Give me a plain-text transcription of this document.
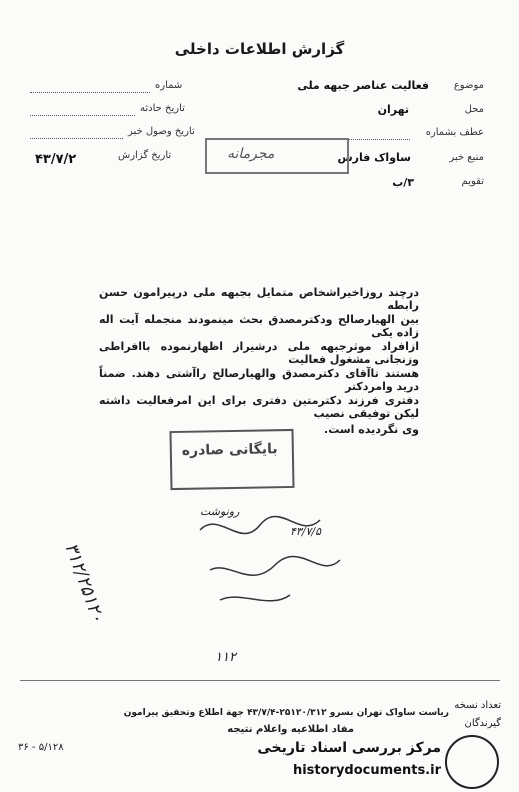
گزارش اطلاعات داخلی
شماره
تاریخ حادثه
تاریخ وصول خبر
تاریخ گزارش
۴۳/۷/۲
موضوع
فعالیت عناصر جبهه ملی
محل
تهران
عطف بشماره
منبع خبر
ساواک فارس
تقویم
۳/ب
مجرمانه
درچند روزاخیراشخاص متمایل بجبهه ملی درپیرامون حسن رابطه
بین الهیارصالح ودکترمصدق بحث مینمودند منجمله آیت اله زاده یکی
ازافراد موثرجبهه ملی درشیراز اظهارنموده باافراطی وزنجانی مشغول فعالیت
هستند تاآقای دکترمصدق والهیارصالح راآشتی دهند. ضمناً درید وامردکتر
دفتری فرزند دکترمتین دفتری برای این امرفعالیت داشته لیکن توفیقی نصیب
وی نگردیده است.
بایگانی صادره
۳۱۲/۲۵۱۲۰
رونوشت
۴۳/۷/۵
۱۱۲
تعداد نسخه
گیرندگان
ریاست ساواک تهران بسرو ۲۵۱۲۰/۳۱۲-۴۳/۷/۴ جهة اطلاع وتحقیق پیرامون
مفاد اطلاعیه واعلام نتیجه
۳۶ - ۵/۱۲۸	مرکز بررسی اسناد تاریخی
historydocuments.ir
